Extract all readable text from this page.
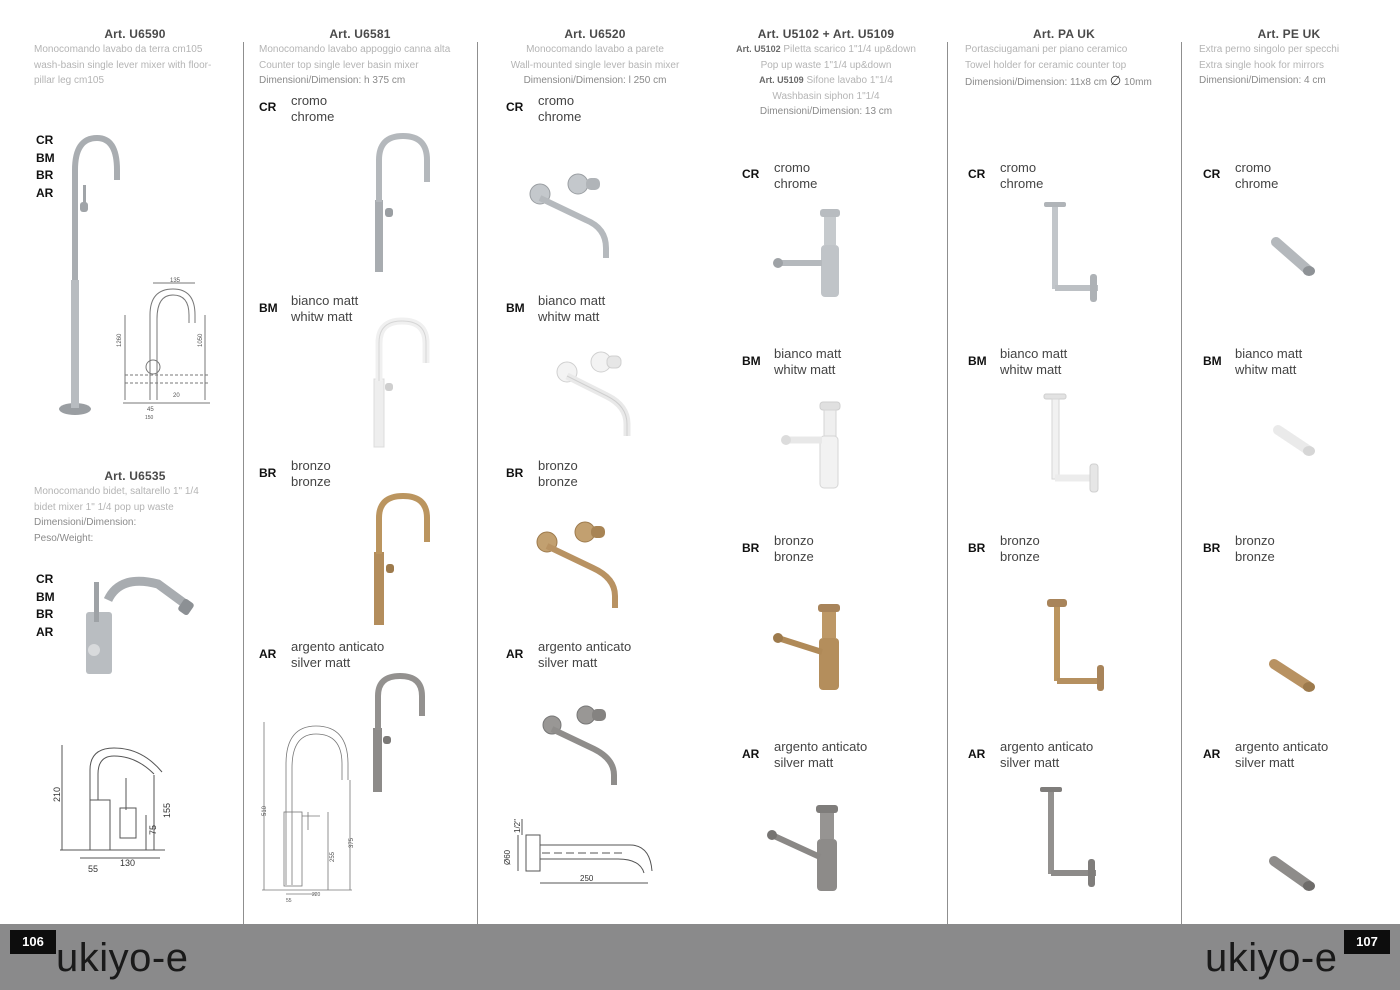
Art. U6590
Monocomando lavabo da terra cm105
wash-basin single lever mixer with floor-
pillar leg cm105
CR
BM
BR
AR
135
1260	1050
20
45
150
Art. U6535
Monocomando bidet, saltarello 1" 1/4
bidet mixer 1" 1/4 pop up waste
Dimensioni/Dimension:
Peso/Weight:
CR
BM
BR
AR
210
155
75
55
130
Art. U6581
Monocomando lavabo appoggio canna alta
Counter top single lever basin mixer
Dimensioni/Dimension: h 375 cm
CR cromo
chrome
BM bianco matt
whitw matt
BR bronzo
bronze
AR argento anticato
silver matt
510
255
375
220
55
Art. U6520
Monocomando lavabo a parete
Wall-mounted single lever basin mixer
Dimensioni/Dimension: l 250 cm
CR cromo
chrome
BM bianco matt
whitw matt
BR bronzo
bronze
AR argento anticato
silver matt
1/2"
Ø60
250
Art. U5102 + Art. U5109
Art. U5102 Piletta scarico 1"1/4 up&down
Pop up waste 1"1/4 up&down
Art. U5109 Sifone lavabo 1"1/4
Washbasin siphon 1"1/4
Dimensioni/Dimension: 13 cm
CR cromo
chrome
BM bianco matt
whitw matt
BR bronzo
bronze
AR argento anticato
silver matt
Art. PA UK
Portasciugamani per piano ceramico
Towel holder for ceramic counter top
Dimensioni/Dimension: 11x8 cm ∅ 10mm
CR cromo
chrome
BM bianco matt
whitw matt
BR bronzo
bronze
AR argento anticato
silver matt
Art. PE UK
Extra perno singolo per specchi
Extra single hook for mirrors
Dimensioni/Dimension: 4 cm
CR cromo
chrome
BM bianco matt
whitw matt
BR bronzo
bronze
AR argento anticato
silver matt
106 ukiyo-e	ukiyo-e	107
